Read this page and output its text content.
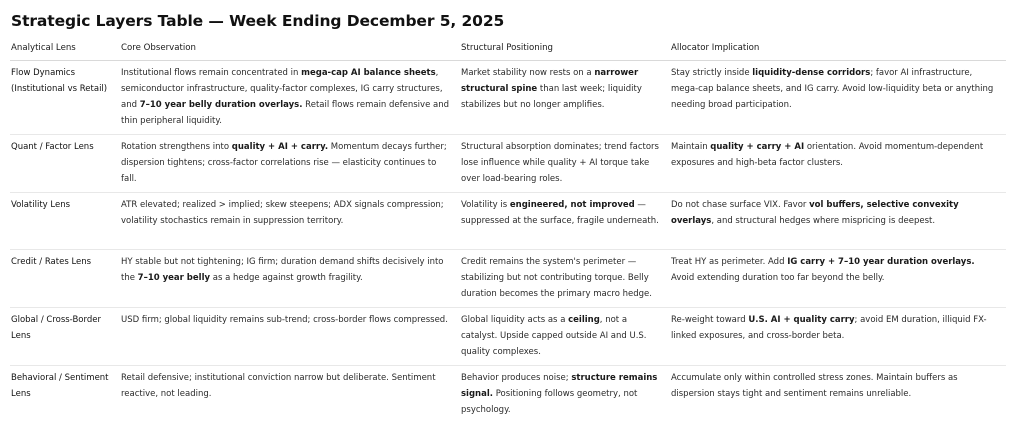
Strategic Layers Table — Week Ending December 5, 2025
Analytical Lens	Core Observation	Structural Positioning	Allocator Implication
Flow Dynamics (Institutional vs Retail)	Institutional flows remain concentrated in mega-cap AI balance sheets, semiconductor infrastructure, quality-factor complexes, IG carry structures, and 7–10 year belly duration overlays. Retail flows remain defensive and thin peripheral liquidity.	Market stability now rests on a narrower structural spine than last week; liquidity stabilizes but no longer amplifies.	Stay strictly inside liquidity-dense corridors; favor AI infrastructure, mega-cap balance sheets, and IG carry. Avoid low-liquidity beta or anything needing broad participation.
Quant / Factor Lens	Rotation strengthens into quality + AI + carry. Momentum decays further; dispersion tightens; cross-factor correlations rise — elasticity continues to fall.	Structural absorption dominates; trend factors lose influence while quality + AI torque take over load-bearing roles.	Maintain quality + carry + AI orientation. Avoid momentum-dependent exposures and high-beta factor clusters.
Volatility Lens	ATR elevated; realized > implied; skew steepens; ADX signals compression; volatility stochastics remain in suppression territory.	Volatility is engineered, not improved — suppressed at the surface, fragile underneath.	Do not chase surface VIX. Favor vol buffers, selective convexity overlays, and structural hedges where mispricing is deepest.
Credit / Rates Lens	HY stable but not tightening; IG firm; duration demand shifts decisively into the 7–10 year belly as a hedge against growth fragility.	Credit remains the system's perimeter — stabilizing but not contributing torque. Belly duration becomes the primary macro hedge.	Treat HY as perimeter. Add IG carry + 7–10 year duration overlays. Avoid extending duration too far beyond the belly.
Global / Cross-Border Lens	USD firm; global liquidity remains sub-trend; cross-border flows compressed.	Global liquidity acts as a ceiling, not a catalyst. Upside capped outside AI and U.S. quality complexes.	Re-weight toward U.S. AI + quality carry; avoid EM duration, illiquid FX-linked exposures, and cross-border beta.
Behavioral / Sentiment Lens	Retail defensive; institutional conviction narrow but deliberate. Sentiment reactive, not leading.	Behavior produces noise; structure remains signal. Positioning follows geometry, not psychology.	Accumulate only within controlled stress zones. Maintain buffers as dispersion stays tight and sentiment remains unreliable.
